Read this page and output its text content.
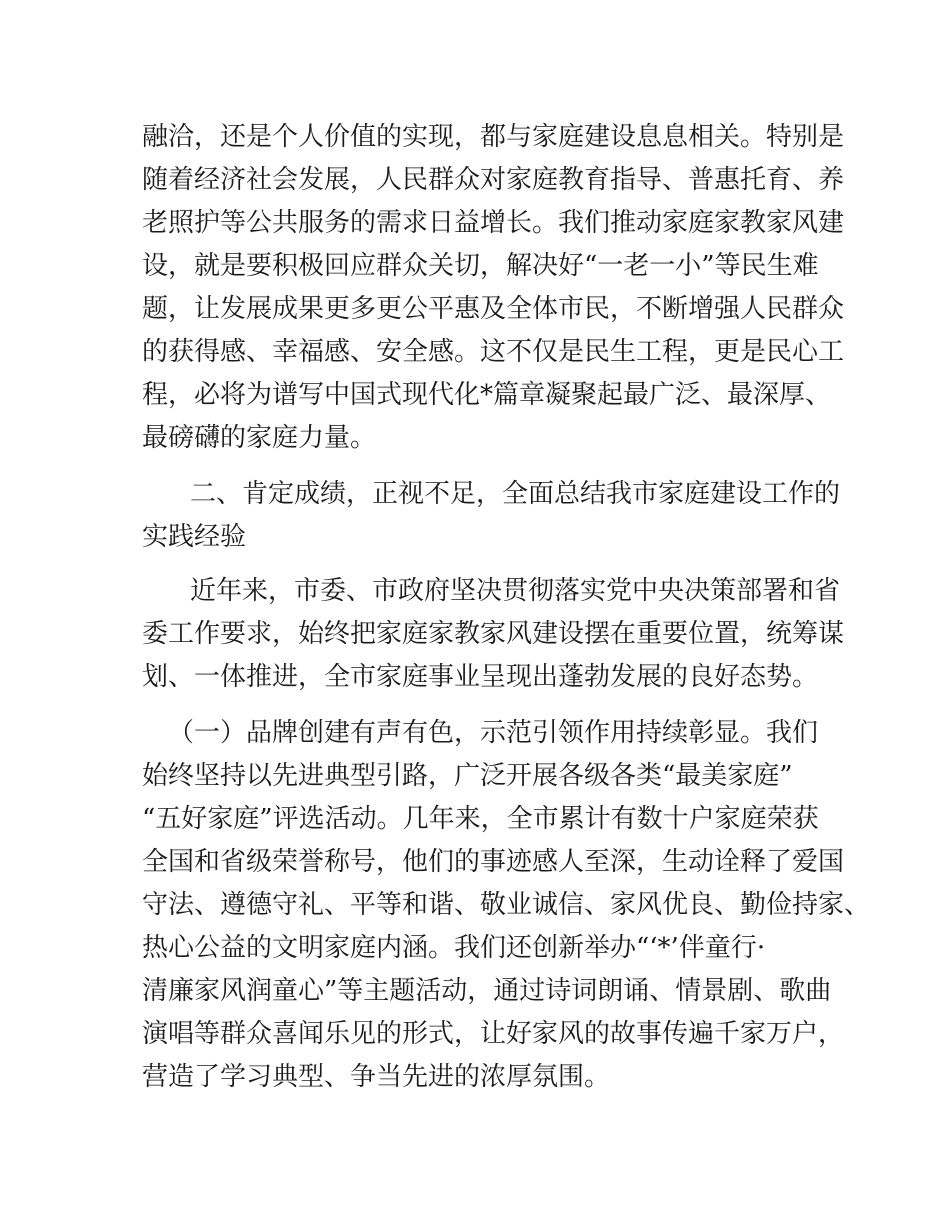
融洽，还是个人价值的实现，都与家庭建设息息相关。特别是
随着经济社会发展，人民群众对家庭教育指导、普惠托育、养
老照护等公共服务的需求日益增长。我们推动家庭家教家风建
设，就是要积极回应群众关切，解决好“一老一小”等民生难
题，让发展成果更多更公平惠及全体市民，不断增强人民群众
的获得感、幸福感、安全感。这不仅是民生工程，更是民心工
程，必将为谱写中国式现代化*篇章凝聚起最广泛、最深厚、
最磅礴的家庭力量。
二、肯定成绩，正视不足，全面总结我市家庭建设工作的
实践经验
近年来，市委、市政府坚决贯彻落实党中央决策部署和省
委工作要求，始终把家庭家教家风建设摆在重要位置，统筹谋
划、一体推进，全市家庭事业呈现出蓬勃发展的良好态势。
（一）品牌创建有声有色，示范引领作用持续彰显。我们
始终坚持以先进典型引路，广泛开展各级各类“最美家庭”
“五好家庭”评选活动。几年来，全市累计有数十户家庭荣获
全国和省级荣誉称号，他们的事迹感人至深，生动诠释了爱国
守法、遵德守礼、平等和谐、敬业诚信、家风优良、勤俭持家、
热心公益的文明家庭内涵。我们还创新举办“‘*’伴童行·
清廉家风润童心”等主题活动，通过诗词朗诵、情景剧、歌曲
演唱等群众喜闻乐见的形式，让好家风的故事传遍千家万户，
营造了学习典型、争当先进的浓厚氛围。
